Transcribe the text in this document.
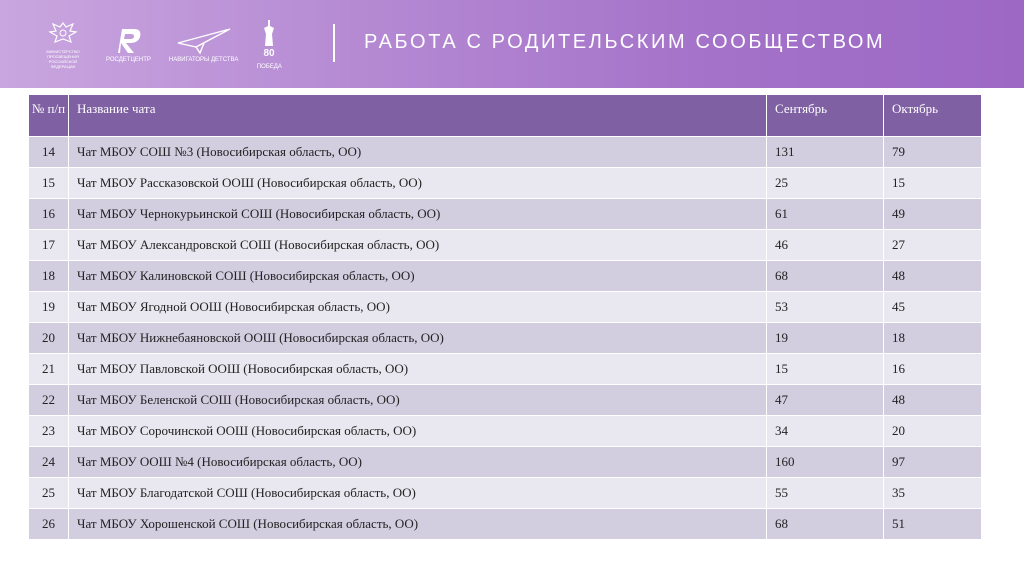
МИНИСТЕРСТВО ПРОСВЕЩЕНИЯ РОССИЙСКОЙ ФЕДЕРАЦИИ
РОСДЕТЦЕНТР	НАВИГАТОРЫ ДЕТСТВА
80
ПОБЕДА
РАБОТА С РОДИТЕЛЬСКИМ СООБЩЕСТВОМ
№ п/п	Название чата	Сентябрь	Октябрь
14	Чат МБОУ СОШ №3 (Новосибирская область, ОО)	131	79
15	Чат МБОУ Рассказовской ООШ (Новосибирская область, ОО)	25	15
16	Чат МБОУ Чернокурьинской СОШ (Новосибирская область, ОО)	61	49
17	Чат МБОУ Александровской СОШ (Новосибирская область, ОО)	46	27
18	Чат МБОУ Калиновской СОШ (Новосибирская область, ОО)	68	48
19	Чат МБОУ Ягодной ООШ (Новосибирская область, ОО)	53	45
20	Чат МБОУ Нижнебаяновской ООШ (Новосибирская область, ОО)	19	18
21	Чат МБОУ Павловской ООШ (Новосибирская область, ОО)	15	16
22	Чат МБОУ Беленской СОШ (Новосибирская область, ОО)	47	48
23	Чат МБОУ Сорочинской ООШ (Новосибирская область, ОО)	34	20
24	Чат МБОУ ООШ №4 (Новосибирская область, ОО)	160	97
25	Чат МБОУ Благодатской СОШ (Новосибирская область, ОО)	55	35
26	Чат МБОУ Хорошенской СОШ (Новосибирская область, ОО)	68	51
